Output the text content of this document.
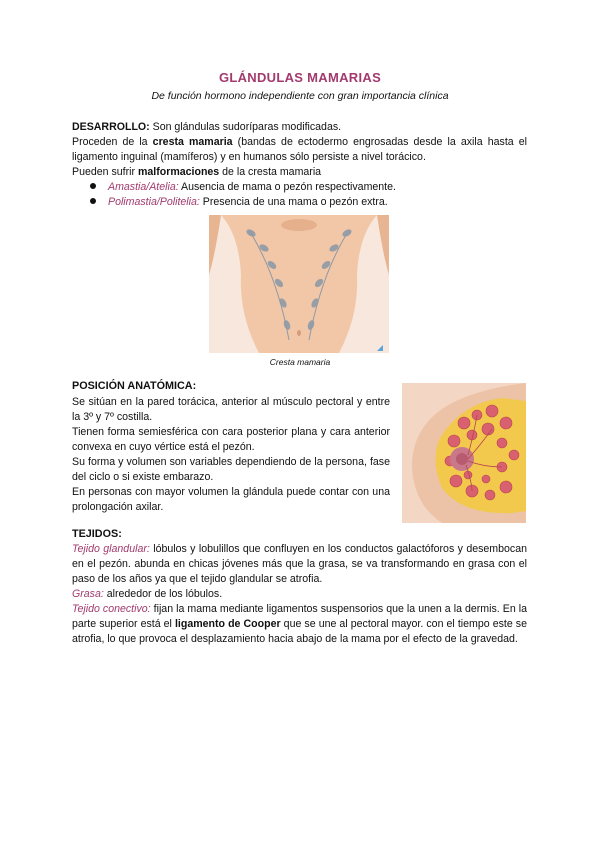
GLÁNDULAS MAMARIAS
De función hormono independiente con gran importancia clínica
DESARROLLO: Son glándulas sudoríparas modificadas.
Proceden de la cresta mamaria (bandas de ectodermo engrosadas desde la axila hasta el ligamento inguinal (mamíferos) y en humanos sólo persiste a nivel torácico.
Pueden sufrir malformaciones de la cresta mamaria
Amastia/Atelia: Ausencia de mama o pezón respectivamente.
Polimastia/Politelia: Presencia de una mama o pezón extra.
Cresta mamaria
POSICIÓN ANATÓMICA:
Se sitúan en la pared torácica, anterior al músculo pectoral y entre la 3º y 7º costilla.
Tienen forma semiesférica con cara posterior plana y cara anterior convexa en cuyo vértice está el pezón.
Su forma y volumen son variables dependiendo de la persona, fase del ciclo o si existe embarazo.
En personas con mayor volumen la glándula puede contar con una prolongación axilar.
TEJIDOS:
Tejido glandular: lóbulos y lobulillos que confluyen en los conductos galactóforos y desembocan en el pezón. abunda en chicas jóvenes más que la grasa, se va transformando en grasa con el paso de los años ya que el tejido glandular se atrofia.
Grasa: alrededor de los lóbulos.
Tejido conectivo: fijan la mama mediante ligamentos suspensorios que la unen a la dermis. En la parte superior está el ligamento de Cooper que se une al pectoral mayor. con el tiempo este se atrofia, lo que provoca el desplazamiento hacia abajo de la mama por el efecto de la gravedad.
